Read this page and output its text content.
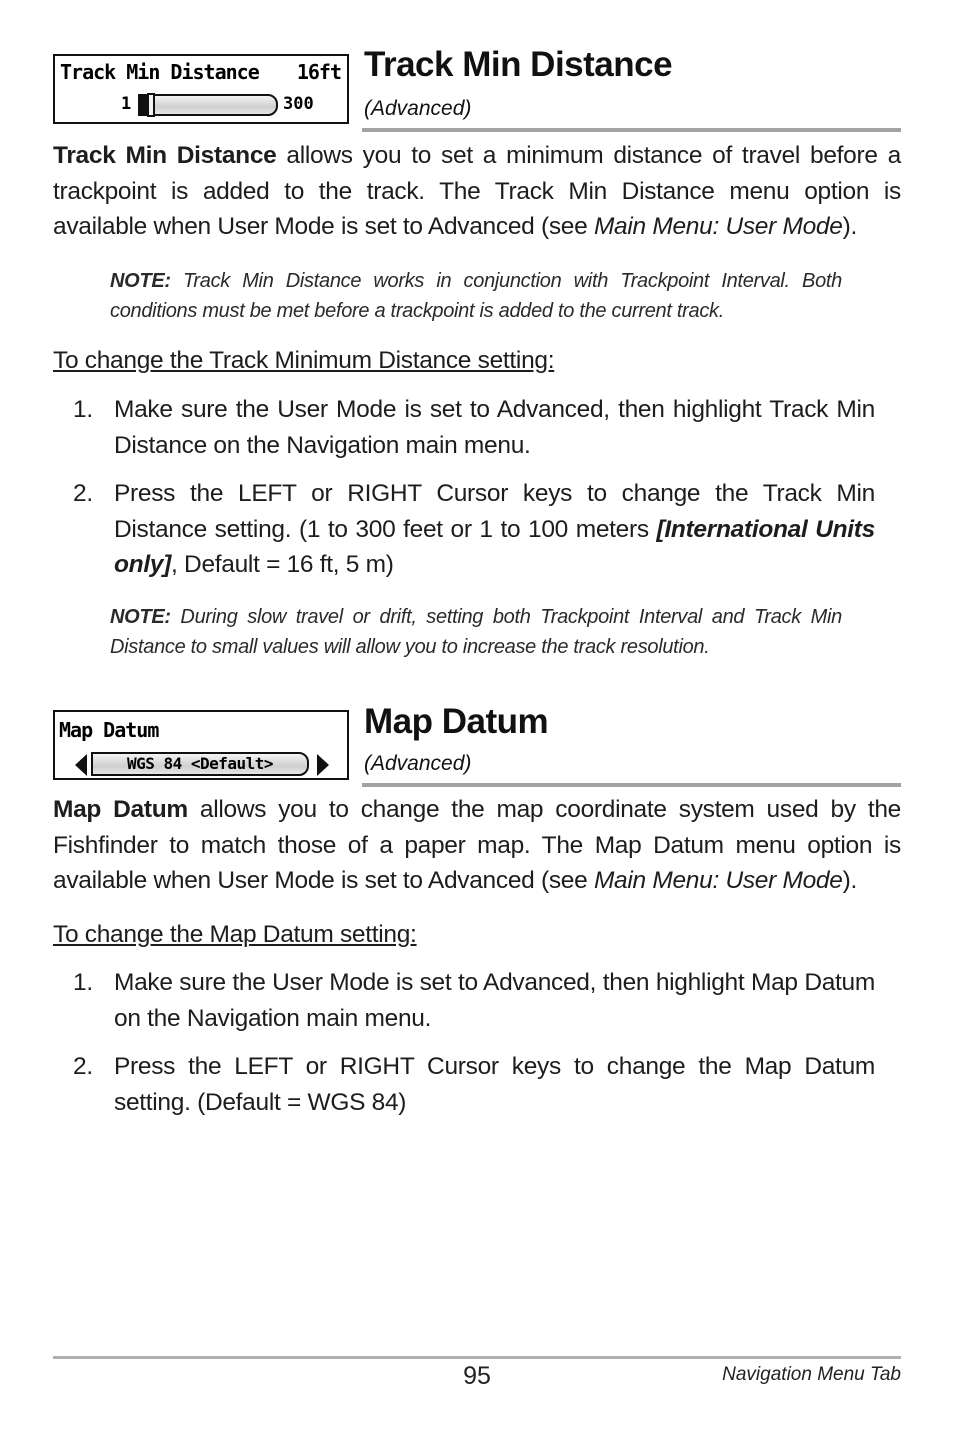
Track Min Distance 16ft
1	300
Track Min Distance
(Advanced)
Track Min Distance allows you to set a minimum distance of travel before a trackpoint is added to the track. The Track Min Distance menu option is available when User Mode is set to Advanced (see Main Menu: User Mode).
NOTE: Track Min Distance works in conjunction with Trackpoint Interval. Both conditions must be met before a trackpoint is added to the current track.
To change the Track Minimum Distance setting:
1. Make sure the User Mode is set to Advanced, then highlight Track Min Distance on the Navigation main menu.
2. Press the LEFT or RIGHT Cursor keys to change the Track Min Distance setting. (1 to 300 feet or 1 to 100 meters [International Units only], Default = 16 ft, 5 m)
NOTE: During slow travel or drift, setting both Trackpoint Interval and Track Min Distance to small values will allow you to increase the track resolution.
Map Datum
WGS 84 <Default>
Map Datum
(Advanced)
Map Datum allows you to change the map coordinate system used by the Fishfinder to match those of a paper map. The Map Datum menu option is available when User Mode is set to Advanced (see Main Menu: User Mode).
To change the Map Datum setting:
1. Make sure the User Mode is set to Advanced, then highlight Map Datum on the Navigation main menu.
2. Press the LEFT or RIGHT Cursor keys to change the Map Datum setting. (Default = WGS 84)
95	Navigation Menu Tab
